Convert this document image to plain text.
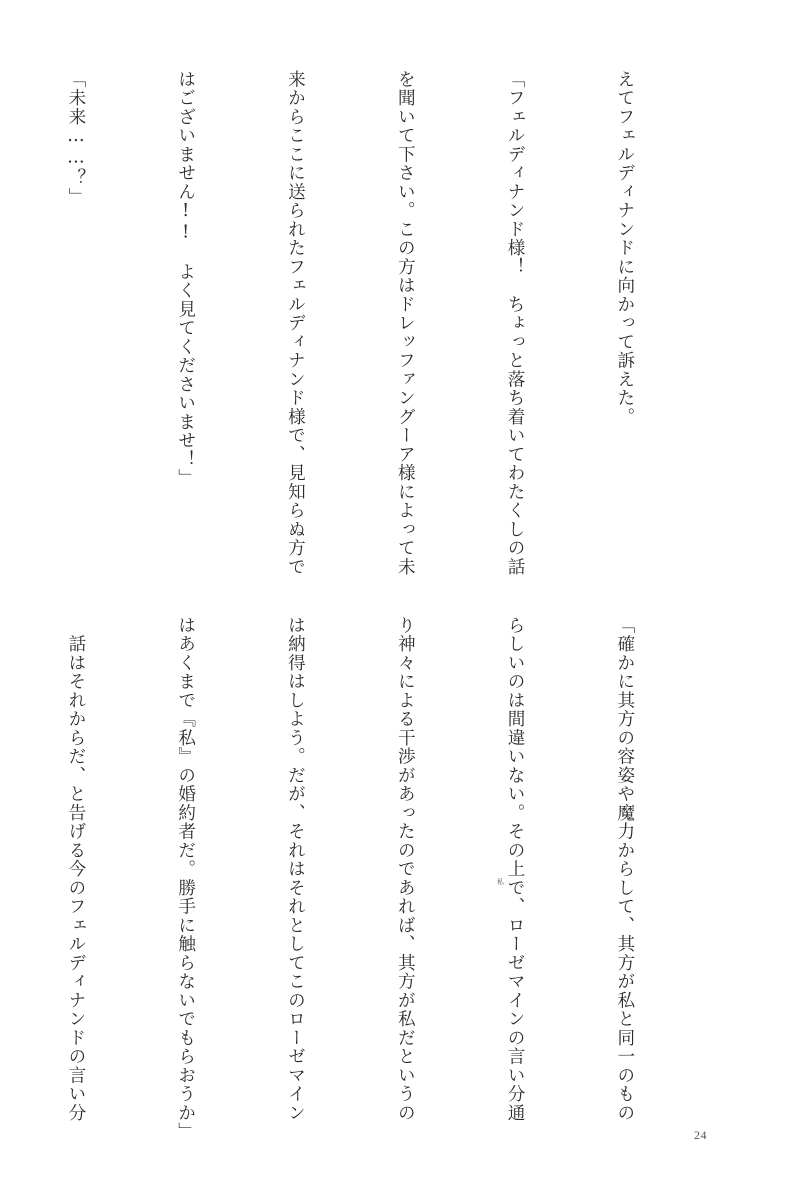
えてフェルディナンドに向かって訴えた。

「フェルディナンド様！　ちょっと落ち着いてわたくしの話

を聞いて下さい。この方はドレッファングーア様によって未

来からここに送られたフェルディナンド様で、見知らぬ方で

はございません!!　よく見てくださいませ！」

「未来……？」

「確かに其方の容姿や魔力からして、其方が私と同一のもの

らしいのは間違いない。その上で、ローゼマインの言い分通

り神々による干渉があったのであれば、其方が私だというの

は納得はしよう。だが、それはそれとしてこのローゼマイン

はあくまで『私』の婚約者だ。勝手に触らないでもらおうか」

　話はそれからだ、と告げる今のフェルディナンドの言い分

	私
24
